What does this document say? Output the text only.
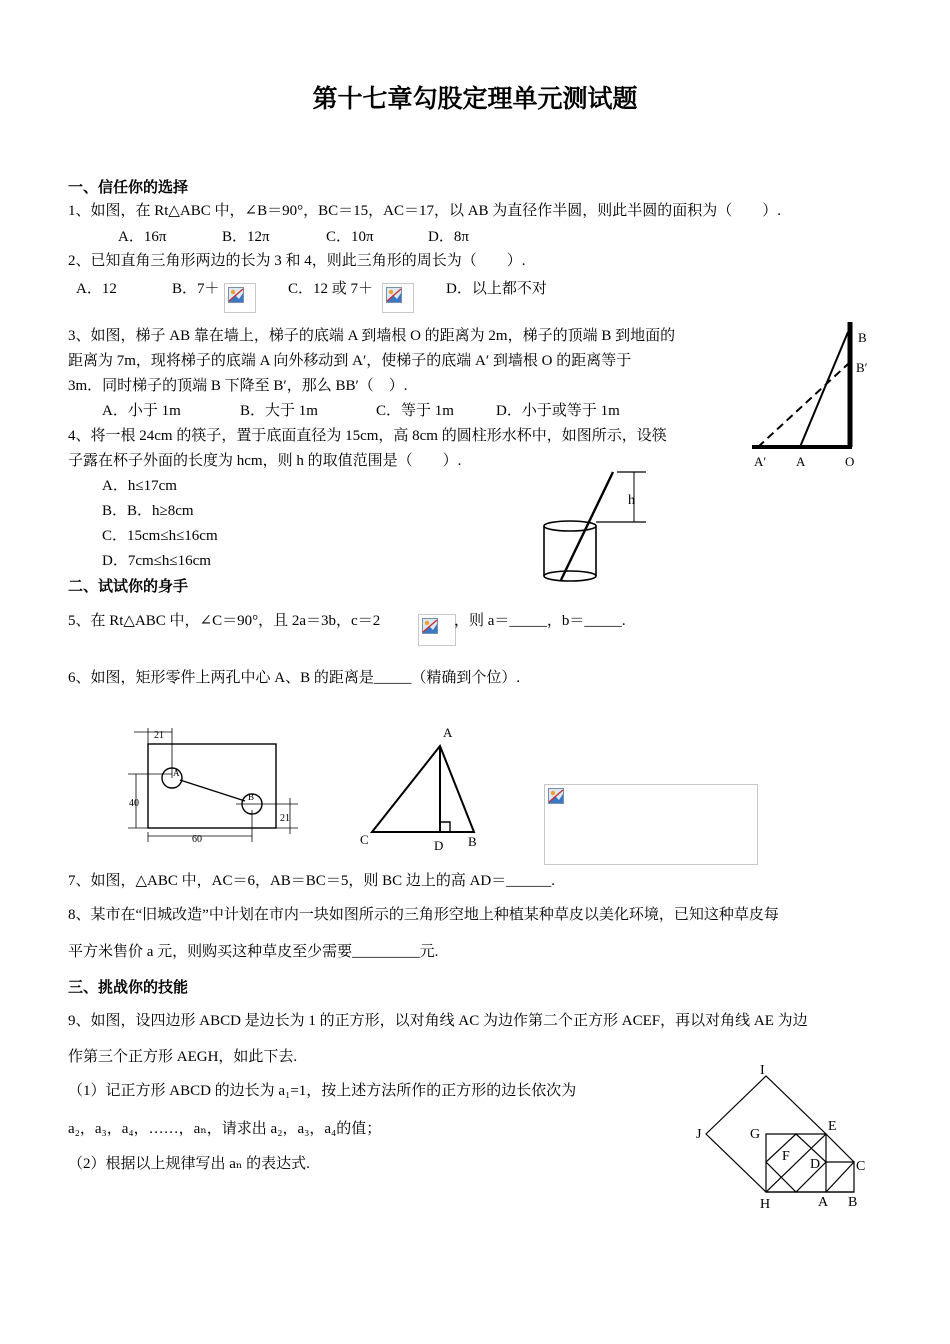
第十七章勾股定理单元测试题
一、信任你的选择
1、如图，在 Rt△ABC 中，∠B＝90°，BC＝15，AC＝17，以 AB 为直径作半圆，则此半圆的面积为（　　）.
A．16π	B．12π	C．10π	D．8π
2、已知直角三角形两边的长为 3 和 4，则此三角形的周长为（　　）.
A．12	B．7＋	C．12 或 7＋	D．以上都不对
3、如图，梯子 AB 靠在墙上，梯子的底端 A 到墙根 O 的距离为 2m，梯子的顶端 B 到地面的
距离为 7m，现将梯子的底端 A 向外移动到 A′，使梯子的底端 A′ 到墙根 O 的距离等于
3m．同时梯子的顶端 B 下降至 B′，那么 BB′（　）.
A．小于 1m	B．大于 1m	C．等于 1m	D．小于或等于 1m
B
B′
A′ A	O
4、将一根 24cm 的筷子，置于底面直径为 15cm，高 8cm 的圆柱形水杯中，如图所示，设筷
子露在杯子外面的长度为 hcm，则 h 的取值范围是（　　）.
A．h≤17cm
B．B．h≥8cm
C．15cm≤h≤16cm
D．7cm≤h≤16cm
h
二、试试你的身手
5、在 Rt△ABC 中，∠C＝90°，且 2a＝3b，c＝2	，则 a＝_____，b＝_____.
6、如图，矩形零件上两孔中心 A、B 的距离是_____（精确到个位）.
21
40
60
21
A
B
A
C	D B
7、如图，△ABC 中，AC＝6，AB＝BC＝5，则 BC 边上的高 AD＝______.
8、某市在“旧城改造”中计划在市内一块如图所示的三角形空地上种植某种草皮以美化环境，已知这种草皮每
平方米售价 a 元，则购买这种草皮至少需要_________元.
三、挑战你的技能
9、如图，设四边形 ABCD 是边长为 1 的正方形，以对角线 AC 为边作第二个正方形 ACEF，再以对角线 AE 为边
作第三个正方形 AEGH，如此下去.
（1）记正方形 ABCD 的边长为 a₁=1，按上述方法所作的正方形的边长依次为
a₂，a₃，a₄，……，aₙ，请求出 a₂，a₃，a₄的值；
（2）根据以上规律写出 aₙ 的表达式.
I
J	G
E
F
D	C
H	A B
